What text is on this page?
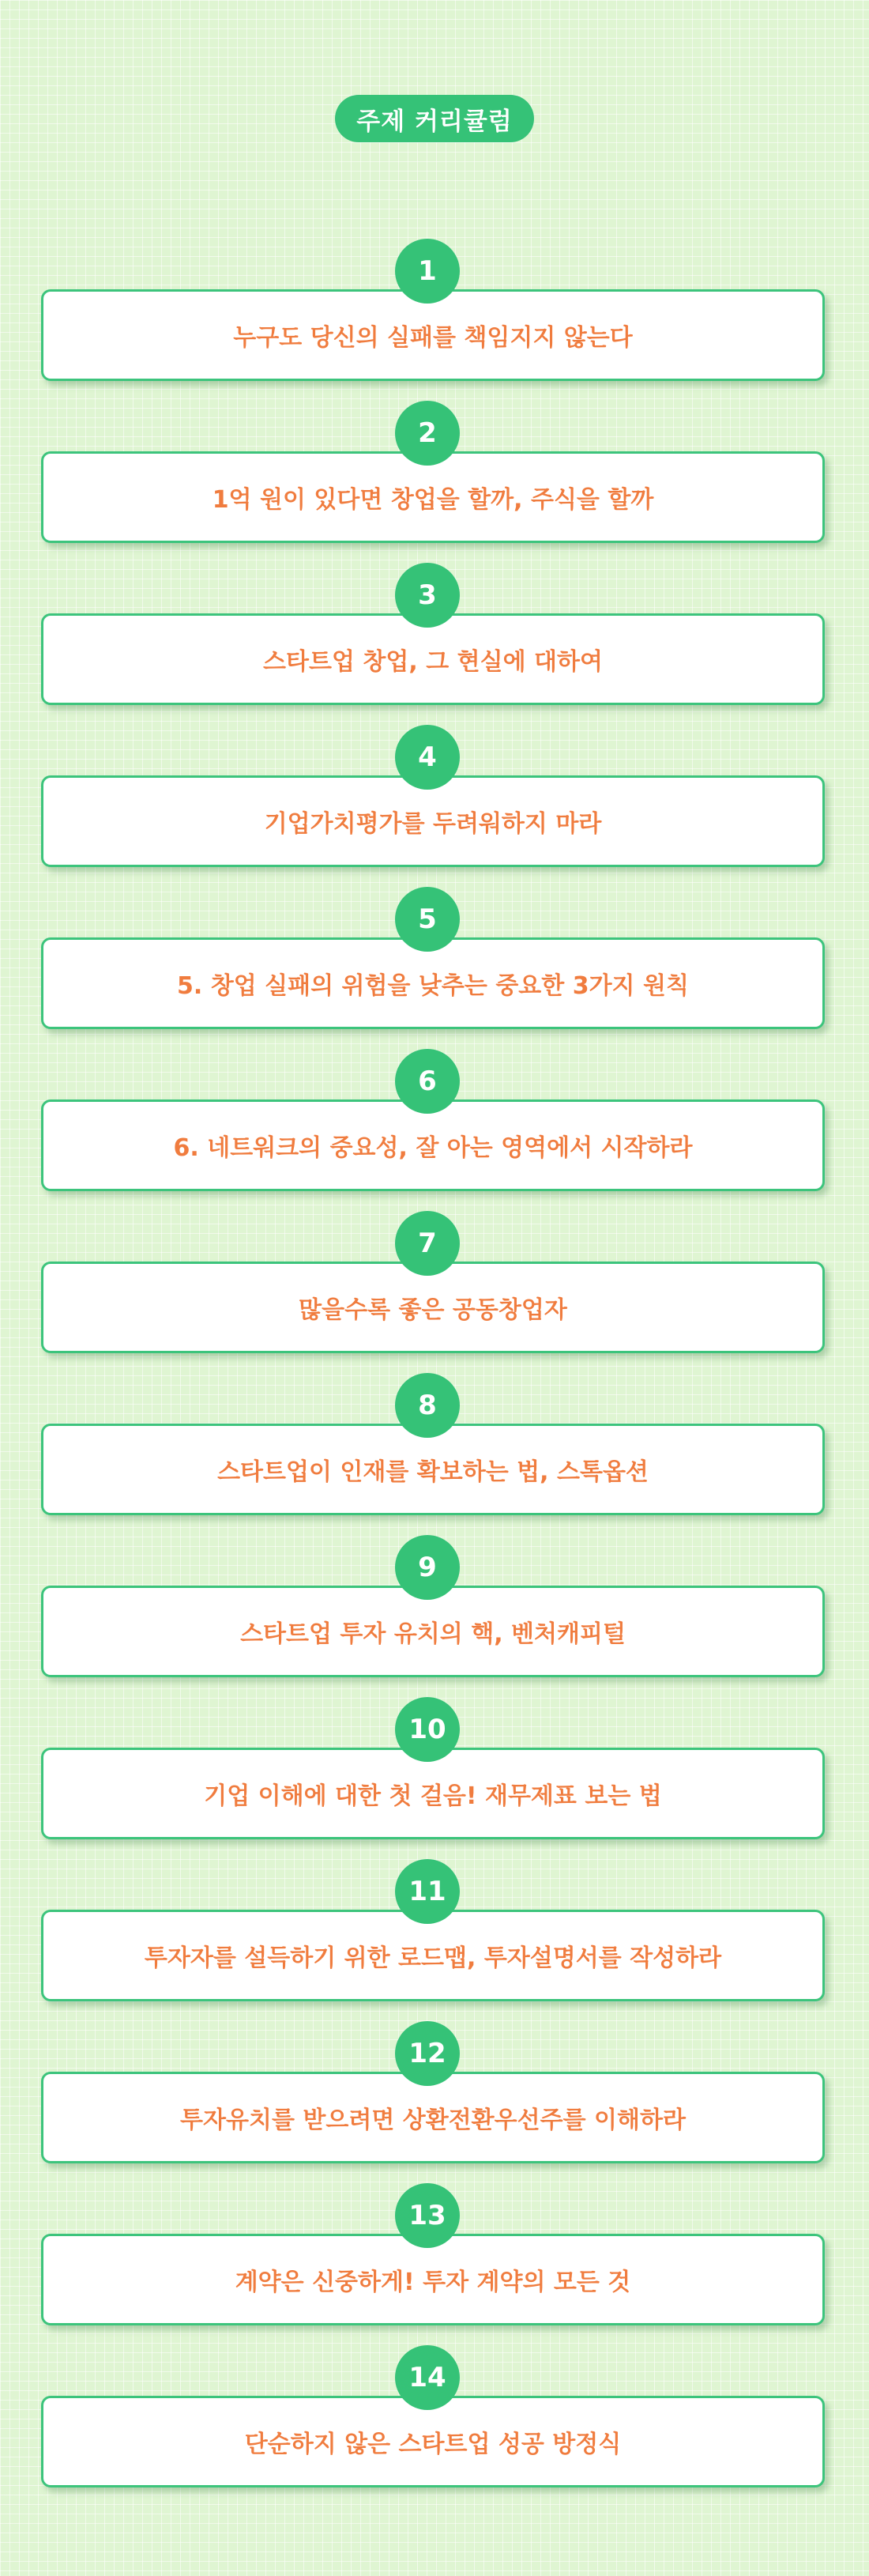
주제 커리큘럼
누구도 당신의 실패를 책임지지 않는다
1
1억 원이 있다면 창업을 할까, 주식을 할까
2
스타트업 창업, 그 현실에 대하여
3
기업가치평가를 두려워하지 마라
4
5. 창업 실패의 위험을 낮추는 중요한 3가지 원칙
5
6. 네트워크의 중요성, 잘 아는 영역에서 시작하라
6
많을수록 좋은 공동창업자
7
스타트업이 인재를 확보하는 법, 스톡옵션
8
스타트업 투자 유치의 핵, 벤처캐피털
9
기업 이해에 대한 첫 걸음! 재무제표 보는 법
10
투자자를 설득하기 위한 로드맵, 투자설명서를 작성하라
11
투자유치를 받으려면 상환전환우선주를 이해하라
12
계약은 신중하게! 투자 계약의 모든 것
13
단순하지 않은 스타트업 성공 방정식
14
